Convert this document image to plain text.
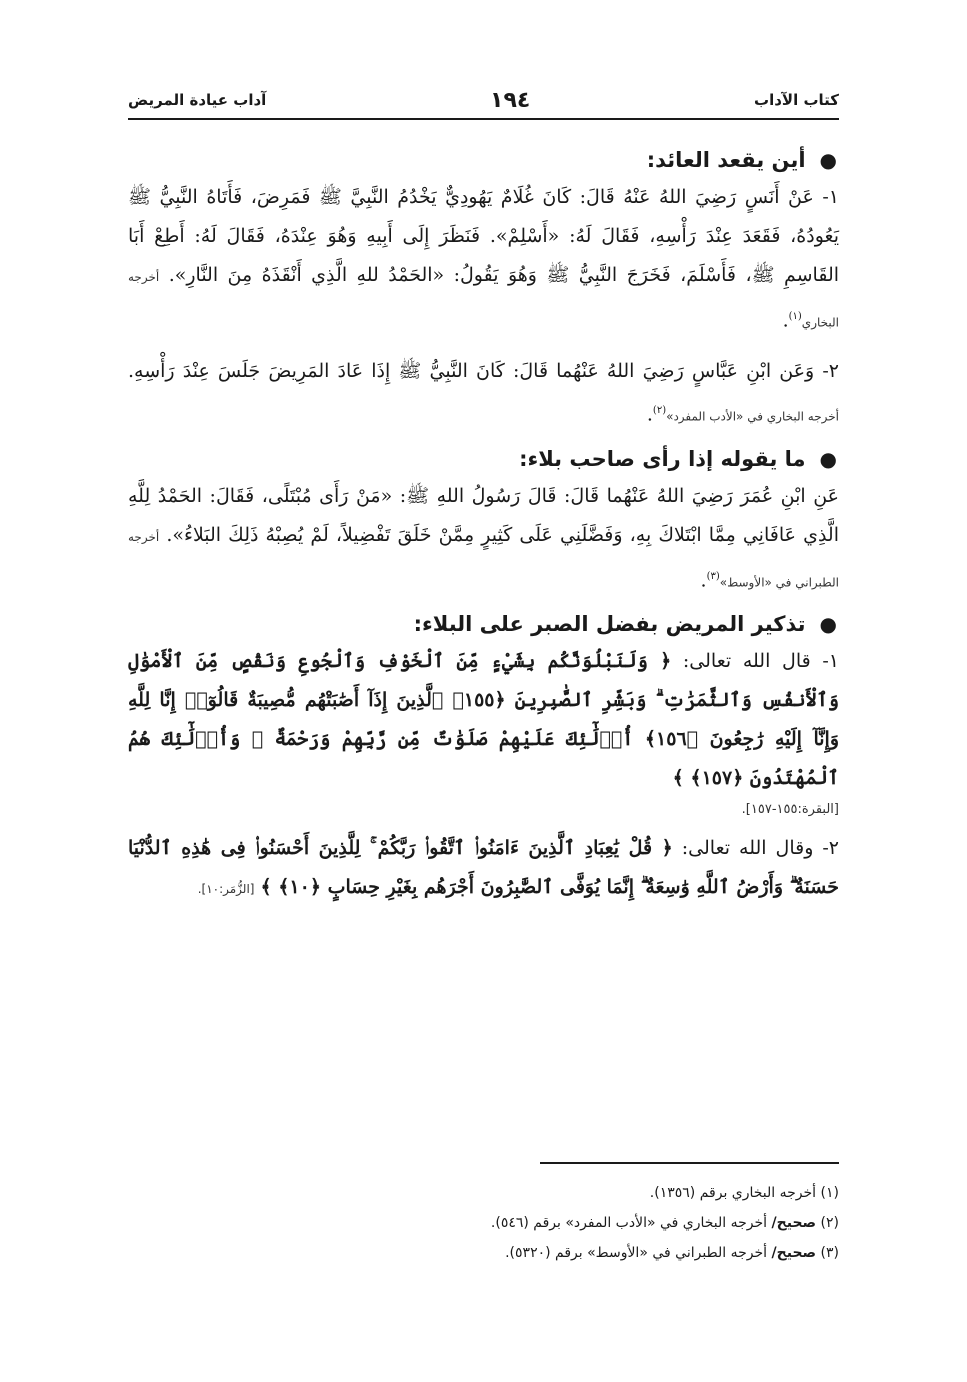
كتاب الآداب
١٩٤
آداب عيادة المريض
●
أين يقعد العائد:

١- عَنْ أَنَسٍ رَضِيَ اللهُ عَنْهُ قَالَ: كَانَ غُلَامٌ يَهُودِيٌّ يَخْدُمُ النَّبِيَّ ﷺ فَمَرِضَ، فَأَتَاهُ النَّبِيُّ ﷺ يَعُودُهُ، فَقَعَدَ عِنْدَ رَأْسِهِ، فَقَالَ لَهُ: «أَسْلِمْ». فَنَظَرَ إِلَى أَبِيهِ وَهُوَ عِنْدَهُ، فَقَالَ لَهُ: أَطِعْ أَبَا القَاسِمِ ﷺ، فَأَسْلَمَ، فَخَرَجَ النَّبِيُّ ﷺ وَهُوَ يَقُولُ: «الحَمْدُ للهِ الَّذِي أَنْقَذَهُ مِنَ النَّارِ». أخرجه البخاري$^{(١)}$.

٢- وَعَن ابْنِ عَبَّاسٍ رَضِيَ اللهُ عَنْهُما قَالَ: كَانَ النَّبِيُّ ﷺ إِذَا عَادَ المَرِيضَ جَلَسَ عِنْدَ رَأْسِهِ. أخرجه البخاري في «الأدب المفرد»$^{(٢)}$.

●
ما يقوله إذا رأى صاحب بلاء:

عَنِ ابْنِ عُمَرَ رَضِيَ اللهُ عَنْهُما قَالَ: قَالَ رَسُولُ اللهِ ﷺ: «مَنْ رَأَى مُبْتَلًى، فَقَالَ: الحَمْدُ لِلَّهِ الَّذِي عَافَانِي مِمَّا ابْتَلاكَ بِهِ، وَفَضَّلَنِي عَلَى كَثِيرٍ مِمَّنْ خَلَقَ تَفْضِيلاً، لَمْ يُصِبْهُ ذَلِكَ البَلاءُ». أخرجه الطبراني في «الأوسط»$^{(٣)}$.

●
تذكير المريض بفضل الصبر على البلاء:

١- قال الله تعالى: ﴿ وَلَنَبْلُوَنَّكُم بِشَيْءٍ مِّنَ ٱلْخَوْفِ وَٱلْجُوعِ وَنَقْصٍ مِّنَ ٱلْأَمْوَٰلِ وَٱلْأَنفُسِ وَٱلثَّمَرَٰتِ ۗ وَبَشِّرِ ٱلصَّٰبِرِينَ ﴿١٥٥﴾ ٱلَّذِينَ إِذَآ أَصَٰبَتْهُم مُّصِيبَةٌ قَالُوٓا۟ إِنَّا لِلَّهِ وَإِنَّآ إِلَيْهِ رَٰجِعُونَ ﴿١٥٦﴾ أُو۟لَٰٓئِكَ عَلَيْهِمْ صَلَوَٰتٌ مِّن رَّبِّهِمْ وَرَحْمَةٌ ۖ وَأُو۟لَٰٓئِكَ هُمُ ٱلْمُهْتَدُونَ ﴿١٥٧﴾ ﴾

[البقرة:١٥٥-١٥٧].

٢- وقال الله تعالى: ﴿ قُلْ يَٰعِبَادِ ٱلَّذِينَ ءَامَنُوا۟ ٱتَّقُوا۟ رَبَّكُمْ ۚ لِلَّذِينَ أَحْسَنُوا۟ فِى هَٰذِهِ ٱلدُّنْيَا حَسَنَةٌ ۗ وَأَرْضُ ٱللَّهِ وَٰسِعَةٌ ۗ إِنَّمَا يُوَفَّى ٱلصَّٰبِرُونَ أَجْرَهُم بِغَيْرِ حِسَابٍ ﴿١٠﴾ ﴾ [الزُّمَر:١٠].

(١) أخرجه البخاري برقم (١٣٥٦).
(٢) صحيح/ أخرجه البخاري في «الأدب المفرد» برقم (٥٤٦).
(٣) صحيح/ أخرجه الطبراني في «الأوسط» برقم (٥٣٢٠).
